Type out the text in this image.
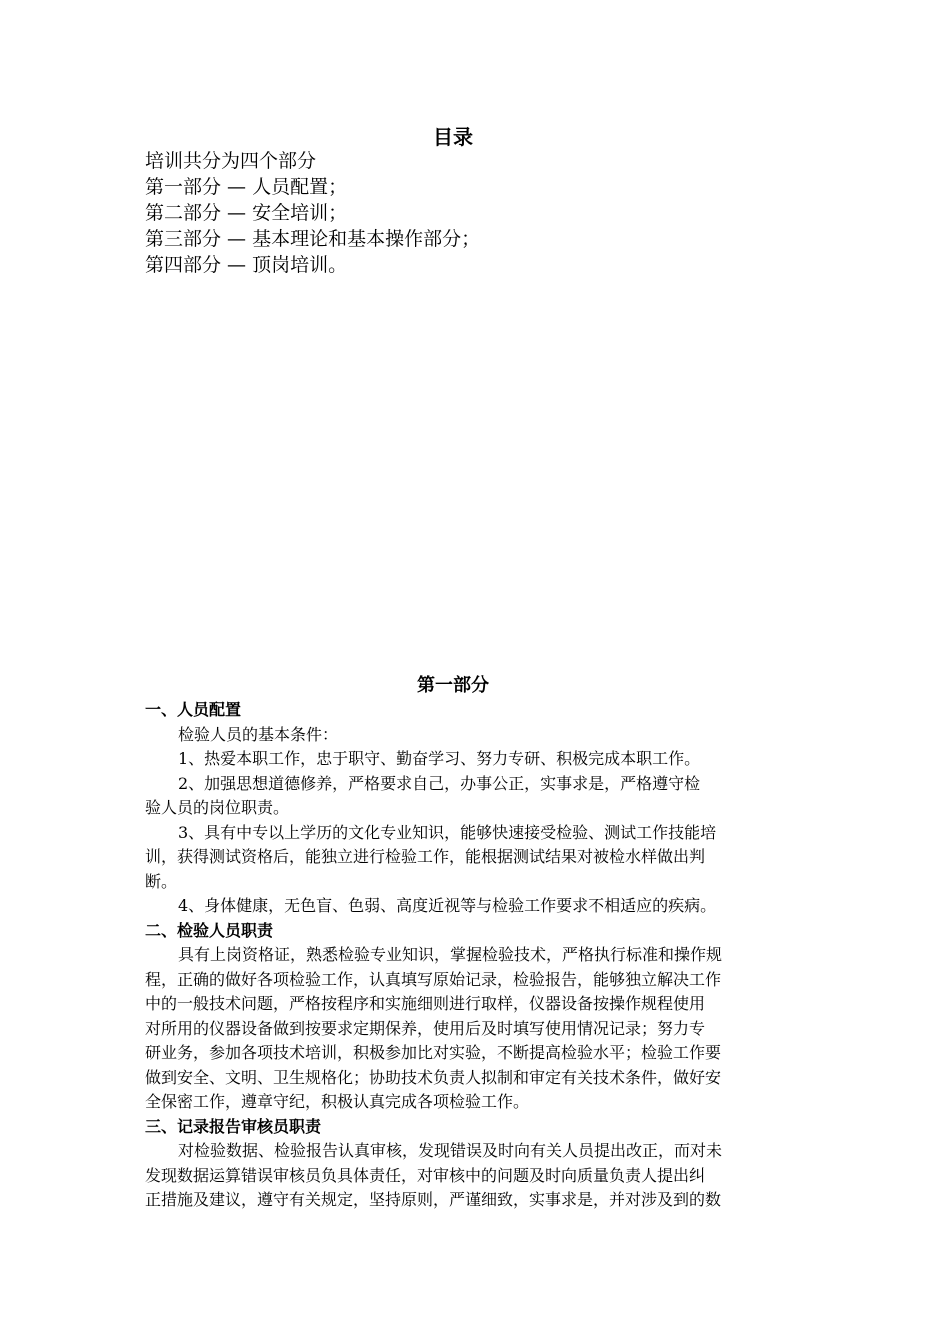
目录
培训共分为四个部分
第一部分 — 人员配置；
第二部分 — 安全培训；
第三部分 — 基本理论和基本操作部分；
第四部分 — 顶岗培训。
第一部分

一、人员配置

检验人员的基本条件：

1、热爱本职工作，忠于职守、勤奋学习、努力专研、积极完成本职工作。

2、加强思想道德修养，严格要求自己，办事公正，实事求是，严格遵守检

验人员的岗位职责。

3、具有中专以上学历的文化专业知识，能够快速接受检验、测试工作技能培

训，获得测试资格后，能独立进行检验工作，能根据测试结果对被检水样做出判

断。

4、身体健康，无色盲、色弱、高度近视等与检验工作要求不相适应的疾病。

二、检验人员职责

具有上岗资格证，熟悉检验专业知识，掌握检验技术，严格执行标准和操作规

程，正确的做好各项检验工作，认真填写原始记录，检验报告，能够独立解决工作

中的一般技术问题，严格按程序和实施细则进行取样，仪器设备按操作规程使用

对所用的仪器设备做到按要求定期保养，使用后及时填写使用情况记录；努力专

研业务，参加各项技术培训，积极参加比对实验，不断提高检验水平；检验工作要

做到安全、文明、卫生规格化；协助技术负责人拟制和审定有关技术条件，做好安

全保密工作，遵章守纪，积极认真完成各项检验工作。

三、记录报告审核员职责

对检验数据、检验报告认真审核，发现错误及时向有关人员提出改正，而对未

发现数据运算错误审核员负具体责任，对审核中的问题及时向质量负责人提出纠

正措施及建议，遵守有关规定，坚持原则，严谨细致，实事求是，并对涉及到的数
